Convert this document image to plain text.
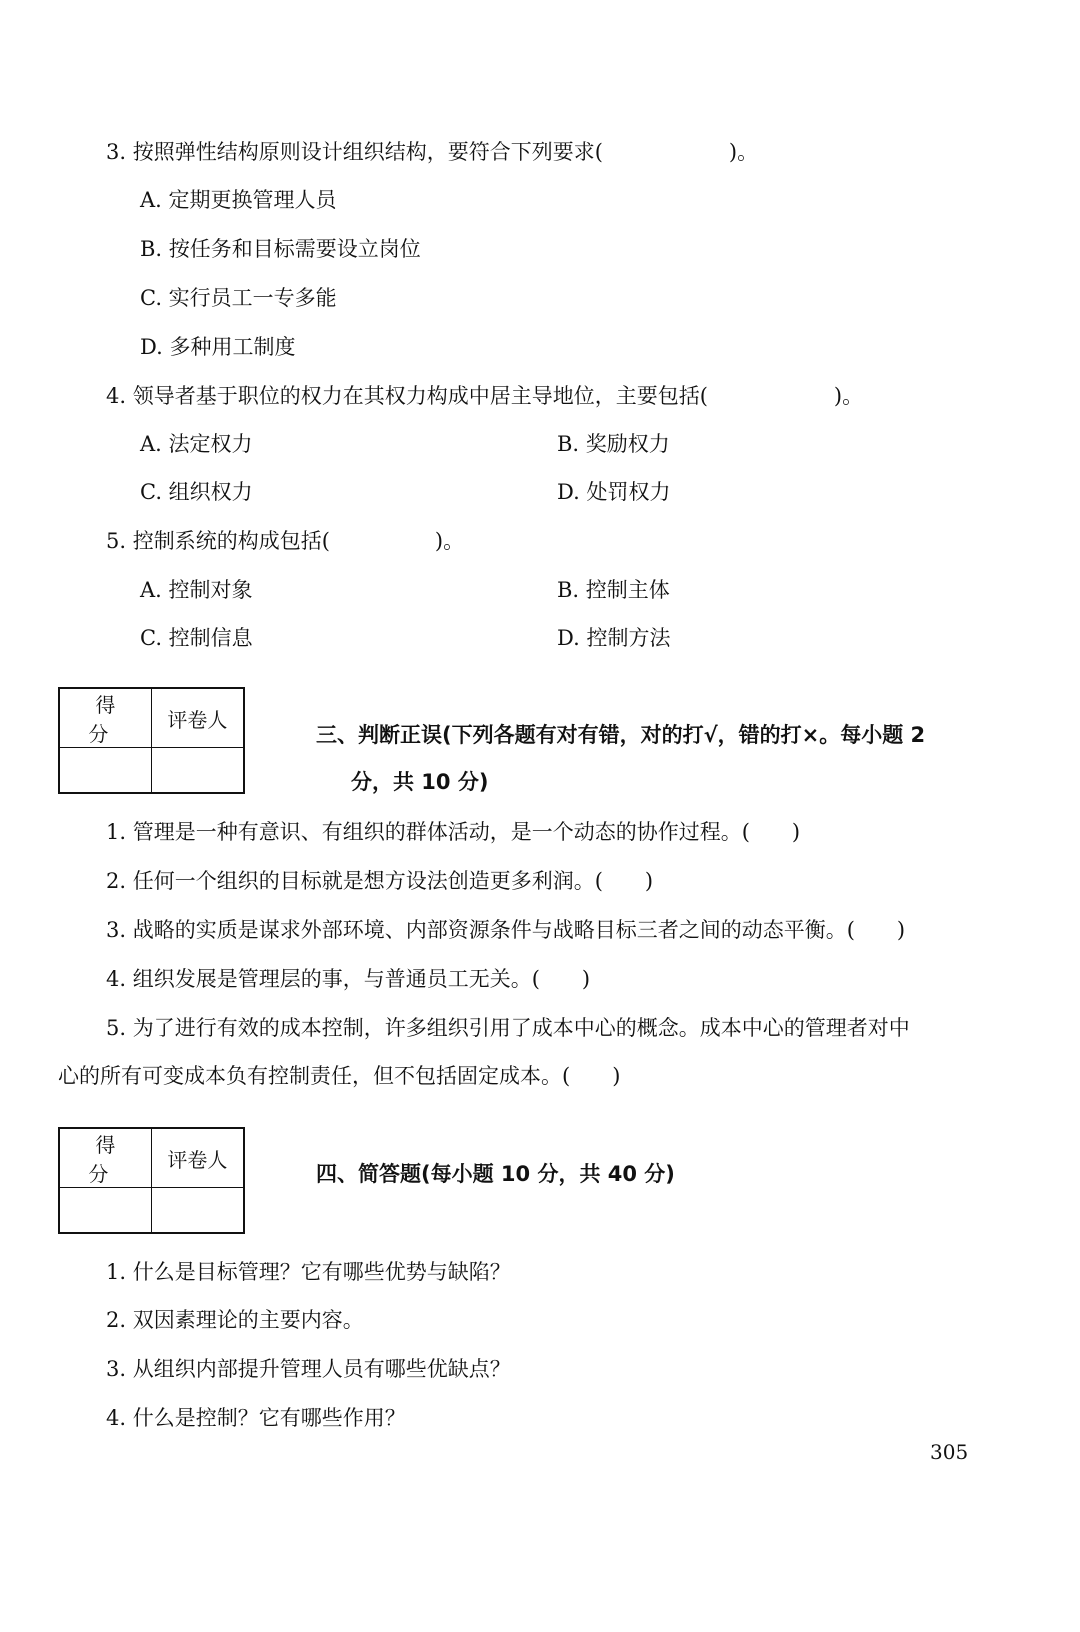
3. 按照弹性结构原则设计组织结构，要符合下列要求(　　　　　　)。
A. 定期更换管理人员
B. 按任务和目标需要设立岗位
C. 实行员工一专多能
D. 多种用工制度
4. 领导者基于职位的权力在其权力构成中居主导地位，主要包括(　　　　　　)。
A. 法定权力	B. 奖励权力
C. 组织权力	D. 处罚权力
5. 控制系统的构成包括(　　　　　)。
A. 控制对象	B. 控制主体
C. 控制信息	D. 控制方法
得 分	评卷人

三、判断正误(下列各题有对有错，对的打√，错的打×。每小题 2
分，共 10 分)
1. 管理是一种有意识、有组织的群体活动，是一个动态的协作过程。(　　)
2. 任何一个组织的目标就是想方设法创造更多利润。(　　)
3. 战略的实质是谋求外部环境、内部资源条件与战略目标三者之间的动态平衡。(　　)
4. 组织发展是管理层的事，与普通员工无关。(　　)
5. 为了进行有效的成本控制，许多组织引用了成本中心的概念。成本中心的管理者对中
心的所有可变成本负有控制责任，但不包括固定成本。(　　)
得 分	评卷人

四、简答题(每小题 10 分，共 40 分)
1. 什么是目标管理？它有哪些优势与缺陷？
2. 双因素理论的主要内容。
3. 从组织内部提升管理人员有哪些优缺点？
4. 什么是控制？它有哪些作用？
305
